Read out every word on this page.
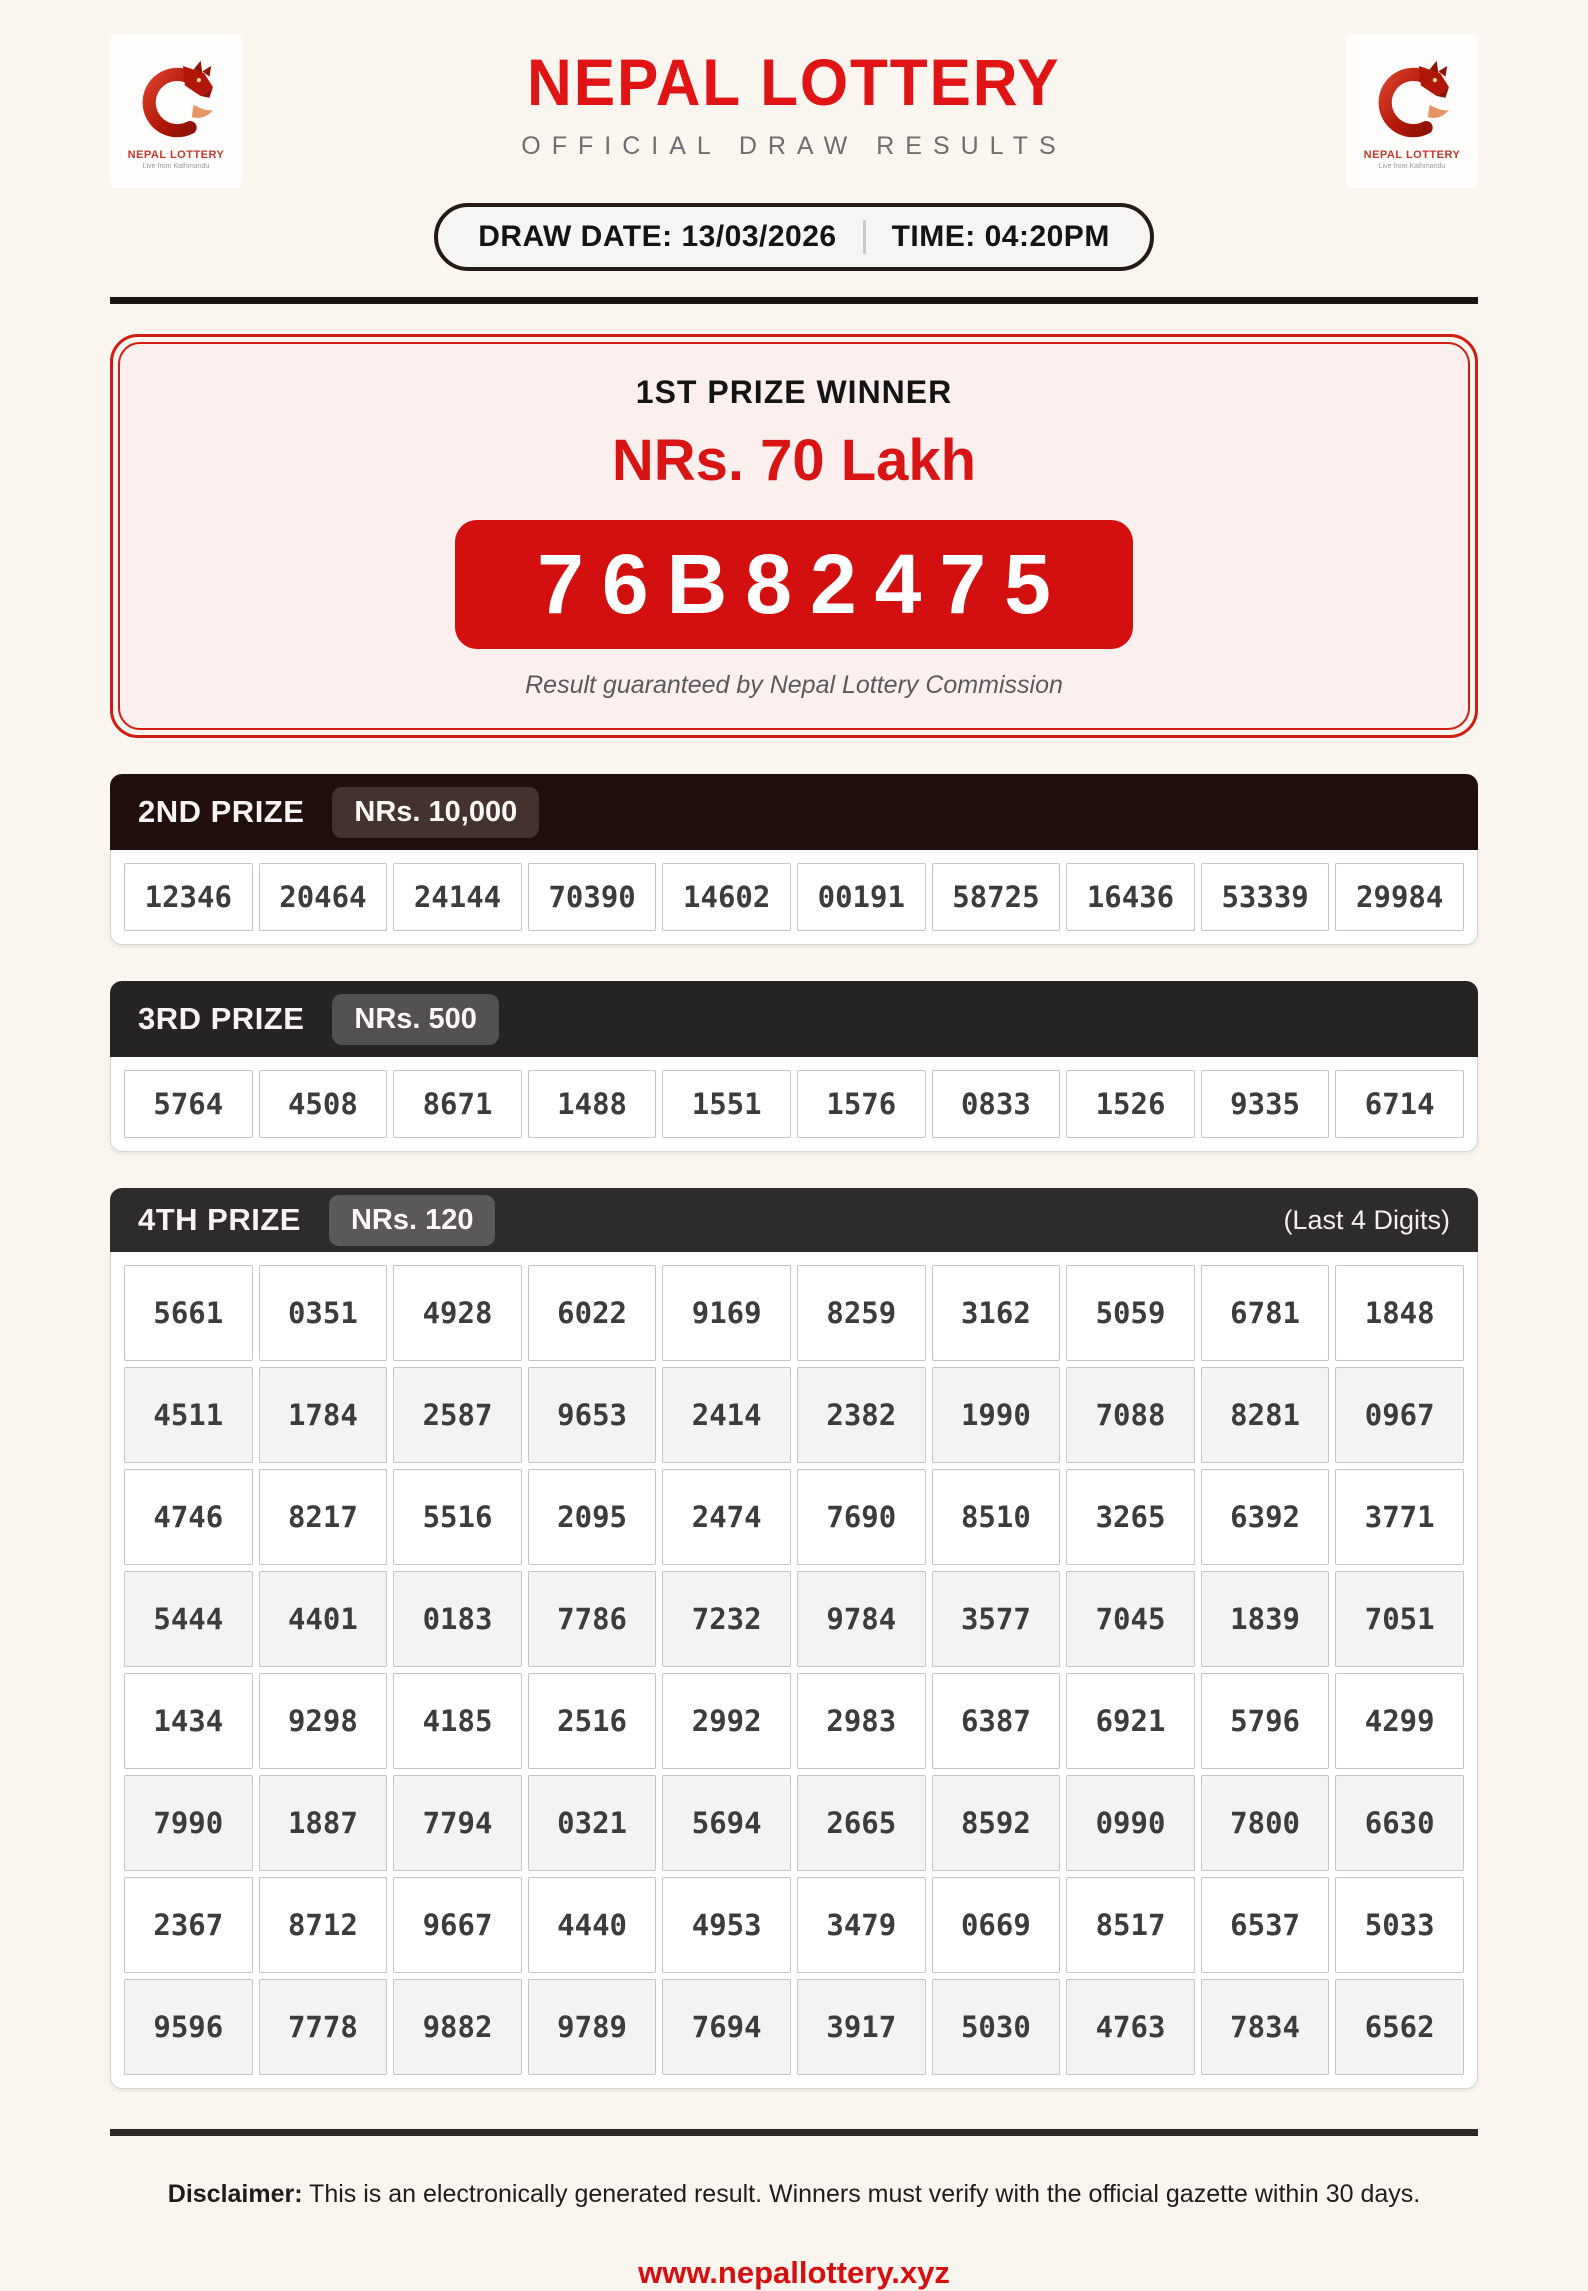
NEPAL LOTTERY
Live from Kathmandu
NEPAL LOTTERY
Live from Kathmandu
NEPAL LOTTERY
OFFICIAL DRAW RESULTS

DRAW DATE: 13/03/2026 TIME: 04:20PM
1ST PRIZE WINNER
NRs. 70 Lakh
76B82475
Result guaranteed by Nepal Lottery Commission
2ND PRIZE	NRs. 10,000
12346	20464	24144	70390	14602	00191	58725	16436	53339	29984
3RD PRIZE	NRs. 500
5764	4508	8671	1488	1551	1576	0833	1526	9335	6714
4TH PRIZE	NRs. 120	(Last 4 Digits)
5661	0351	4928	6022	9169	8259	3162	5059	6781	1848
4511	1784	2587	9653	2414	2382	1990	7088	8281	0967
4746	8217	5516	2095	2474	7690	8510	3265	6392	3771
5444	4401	0183	7786	7232	9784	3577	7045	1839	7051
1434	9298	4185	2516	2992	2983	6387	6921	5796	4299
7990	1887	7794	0321	5694	2665	8592	0990	7800	6630
2367	8712	9667	4440	4953	3479	0669	8517	6537	5033
9596	7778	9882	9789	7694	3917	5030	4763	7834	6562
Disclaimer: This is an electronically generated result. Winners must verify with the official gazette within 30 days.
www.nepallottery.xyz
